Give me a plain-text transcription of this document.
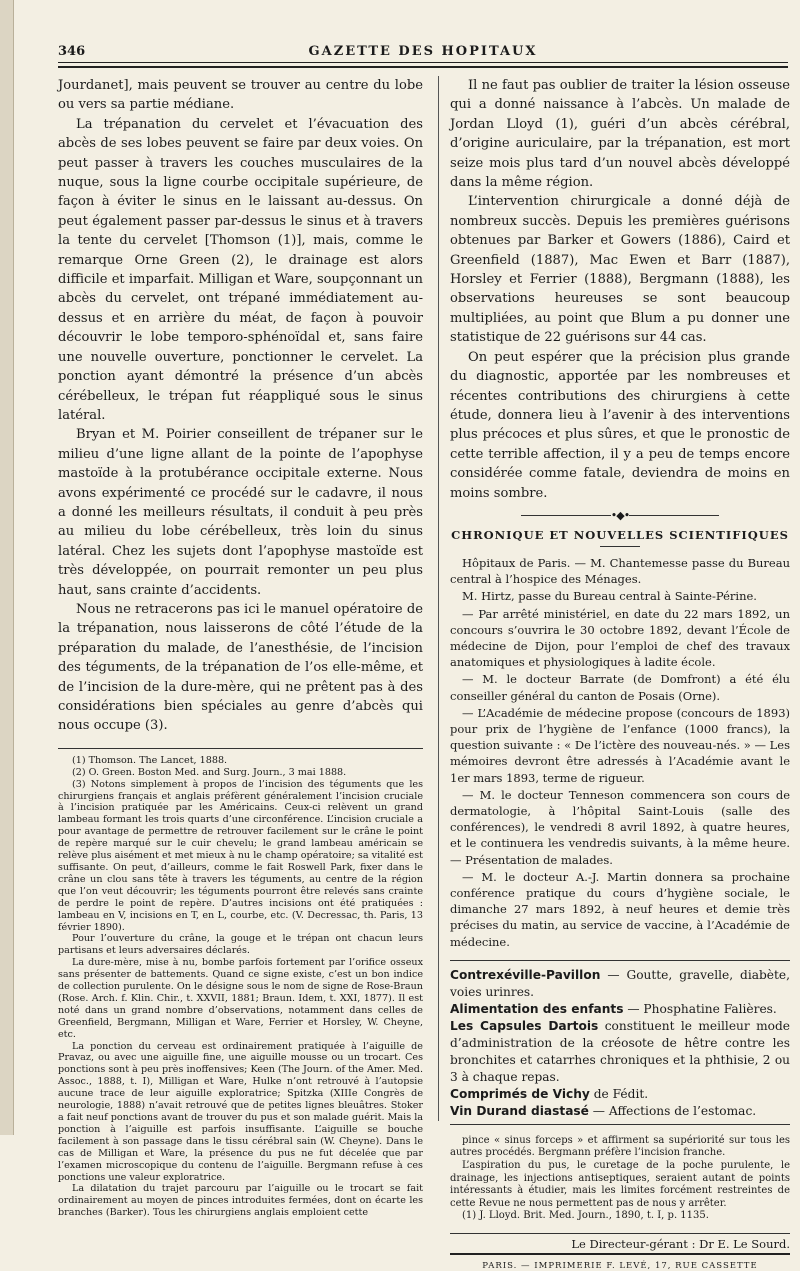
346	GAZETTE DES HOPITAUX

Jourdanet], mais peuvent se trouver au centre du lobe ou vers sa partie médiane.

La trépanation du cervelet et l’évacuation des abcès de ses lobes peuvent se faire par deux voies. On peut passer à travers les couches musculaires de la nuque, sous la ligne courbe occipitale supérieure, de façon à éviter le sinus en le laissant au-dessus. On peut également passer par-dessus le sinus et à travers la tente du cervelet [Thomson (1)], mais, comme le remarque Orne Green (2), le drainage est alors difficile et imparfait. Milligan et Ware, soupçonnant un abcès du cervelet, ont trépané immédiatement au-dessus et en arrière du méat, de façon à pouvoir découvrir le lobe temporo-sphénoïdal et, sans faire une nouvelle ouverture, ponctionner le cervelet. La ponction ayant démontré la présence d’un abcès cérébelleux, le trépan fut réappliqué sous le sinus latéral.

Bryan et M. Poirier conseillent de trépaner sur le milieu d’une ligne allant de la pointe de l’apophyse mastoïde à la protubérance occipitale externe. Nous avons expérimenté ce procédé sur le cadavre, il nous a donné les meilleurs résultats, il conduit à peu près au milieu du lobe cérébelleux, très loin du sinus latéral. Chez les sujets dont l’apophyse mastoïde est très développée, on pourrait remonter un peu plus haut, sans crainte d’accidents.

Nous ne retracerons pas ici le manuel opératoire de la trépanation, nous laisserons de côté l’étude de la préparation du malade, de l’anesthésie, de l’incision des téguments, de la trépanation de l’os elle-même, et de l’incision de la dure-mère, qui ne prêtent pas à des considérations bien spéciales au genre d’abcès qui nous occupe (3).

(1) Thomson. The Lancet, 1888.

(2) O. Green. Boston Med. and Surg. Journ., 3 mai 1888.

(3) Notons simplement à propos de l’incision des téguments que les chirurgiens français et anglais préfèrent généralement l’incision cruciale à l’incision pratiquée par les Américains. Ceux-ci relèvent un grand lambeau formant les trois quarts d’une circonférence. L’incision cruciale a pour avantage de permettre de retrouver facilement sur le crâne le point de repère marqué sur le cuir chevelu; le grand lambeau américain se relève plus aisément et met mieux à nu le champ opératoire; sa vitalité est suffisante. On peut, d’ailleurs, comme le fait Roswell Park, fixer dans le crâne un clou sans tête à travers les téguments, au centre de la région que l’on veut découvrir; les téguments pourront être relevés sans crainte de perdre le point de repère. D’autres incisions ont été pratiquées : lambeau en V, incisions en T, en L, courbe, etc. (V. Decressac, th. Paris, 13 février 1890).

Pour l’ouverture du crâne, la gouge et le trépan ont chacun leurs partisans et leurs adversaires déclarés.

La dure-mère, mise à nu, bombe parfois fortement par l’orifice osseux sans présenter de battements. Quand ce signe existe, c’est un bon indice de collection purulente. On le désigne sous le nom de signe de Rose-Braun (Rose. Arch. f. Klin. Chir., t. XXVII, 1881; Braun. Idem, t. XXI, 1877). Il est noté dans un grand nombre d’observations, notamment dans celles de Greenfield, Bergmann, Milligan et Ware, Ferrier et Horsley, W. Cheyne, etc.

La ponction du cerveau est ordinairement pratiquée à l’aiguille de Pravaz, ou avec une aiguille fine, une aiguille mousse ou un trocart. Ces ponctions sont à peu près inoffensives; Keen (The Journ. of the Amer. Med. Assoc., 1888, t. I), Milligan et Ware, Hulke n’ont retrouvé à l’autopsie aucune trace de leur aiguille exploratrice; Spitzka (XIIIe Congrès de neurologie, 1888) n’avait retrouvé que de petites lignes bleuâtres. Stoker a fait neuf ponctions avant de trouver du pus et son malade guérit. Mais la ponction à l’aiguille est parfois insuffisante. L’aiguille se bouche facilement à son passage dans le tissu cérébral sain (W. Cheyne). Dans le cas de Milligan et Ware, la présence du pus ne fut décelée que par l’examen microscopique du contenu de l’aiguille. Bergmann refuse à ces ponctions une valeur exploratrice.

La dilatation du trajet parcouru par l’aiguille ou le trocart se fait ordinairement au moyen de pinces introduites fermées, dont on écarte les branches (Barker). Tous les chirurgiens anglais emploient cette

Il ne faut pas oublier de traiter la lésion osseuse qui a donné naissance à l’abcès. Un malade de Jordan Lloyd (1), guéri d’un abcès cérébral, d’origine auriculaire, par la trépanation, est mort seize mois plus tard d’un nouvel abcès développé dans la même région.

L’intervention chirurgicale a donné déjà de nombreux succès. Depuis les premières guérisons obtenues par Barker et Gowers (1886), Caird et Greenfield (1887), Mac Ewen et Barr (1887), Horsley et Ferrier (1888), Bergmann (1888), les observations heureuses se sont beaucoup multipliées, au point que Blum a pu donner une statistique de 22 guérisons sur 44 cas.

On peut espérer que la précision plus grande du diagnostic, apportée par les nombreuses et récentes contributions des chirurgiens à cette étude, donnera lieu à l’avenir à des interventions plus précoces et plus sûres, et que le pronostic de cette terrible affection, il y a peu de temps encore considérée comme fatale, deviendra de moins en moins sombre.

•◆•
CHRONIQUE ET NOUVELLES SCIENTIFIQUES

Hôpitaux de Paris. — M. Chantemesse passe du Bureau central à l’hospice des Ménages.

M. Hirtz, passe du Bureau central à Sainte-Périne.

— Par arrêté ministériel, en date du 22 mars 1892, un concours s’ouvrira le 30 octobre 1892, devant l’École de médecine de Dijon, pour l’emploi de chef des travaux anatomiques et physiologiques à ladite école.

— M. le docteur Barrate (de Domfront) a été élu conseiller général du canton de Posais (Orne).

— L’Académie de médecine propose (concours de 1893) pour prix de l’hygiène de l’enfance (1000 francs), la question suivante : « De l’ictère des nouveau-nés. » — Les mémoires devront être adressés à l’Académie avant le 1er mars 1893, terme de rigueur.

— M. le docteur Tenneson commencera son cours de dermatologie, à l’hôpital Saint-Louis (salle des conférences), le vendredi 8 avril 1892, à quatre heures, et le continuera les vendredis suivants, à la même heure. — Présentation de malades.

— M. le docteur A.-J. Martin donnera sa prochaine conférence pratique du cours d’hygiène sociale, le dimanche 27 mars 1892, à neuf heures et demie très précises du matin, au service de vaccine, à l’Académie de médecine.

Contrexéville-Pavillon — Goutte, gravelle, diabète, voies urinres.

Alimentation des enfants — Phosphatine Falières.

Les Capsules Dartois constituent le meilleur mode d’administration de la créosote de hêtre contre les bronchites et catarrhes chroniques et la phthisie, 2 ou 3 à chaque repas.

Comprimés de Vichy de Fédit.

Vin Durand diastasé — Affections de l’estomac.

pince « sinus forceps » et affirment sa supériorité sur tous les autres procédés. Bergmann préfère l’incision franche.

L’aspiration du pus, le curetage de la poche purulente, le drainage, les injections antiseptiques, seraient autant de points intéressants à étudier, mais les limites forcément restreintes de cette Revue ne nous permettent pas de nous y arrêter.

(1) J. Lloyd. Brit. Med. Journ., 1890, t. I, p. 1135.

Le Directeur-gérant : Dr E. Le Sourd.
PARIS. — IMPRIMERIE F. LEVÉ, 17, RUE CASSETTE
